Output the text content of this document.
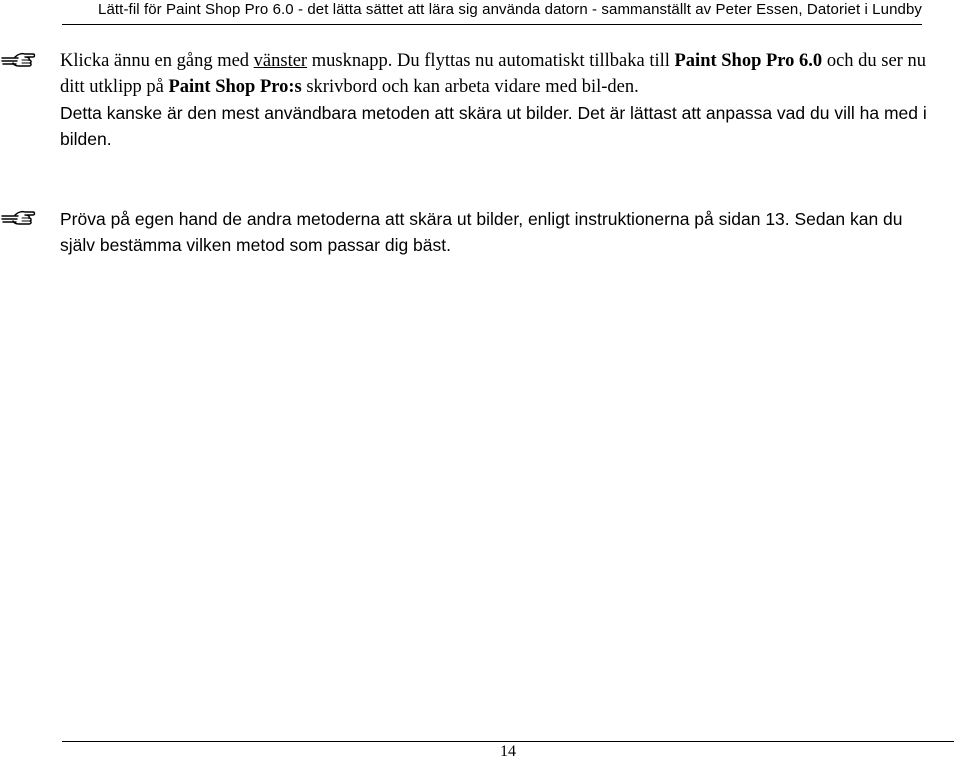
Lätt-fil för Paint Shop Pro 6.0 - det lätta sättet att lära sig använda datorn - sammanställt av Peter Essen, Datoriet i Lundby

Klicka ännu en gång med vänster musknapp. Du flyttas nu automatiskt tillbaka till Paint Shop Pro 6.0 och du ser nu ditt utklipp på Paint Shop Pro:s skrivbord och kan arbeta vidare med bil-den.

Detta kanske är den mest användbara metoden att skära ut bilder. Det är lättast att anpassa vad du vill ha med i bilden.

Pröva på egen hand de andra metoderna att skära ut bilder, enligt instruktionerna på sidan 13. Sedan kan du själv bestämma vilken metod som passar dig bäst.

14
